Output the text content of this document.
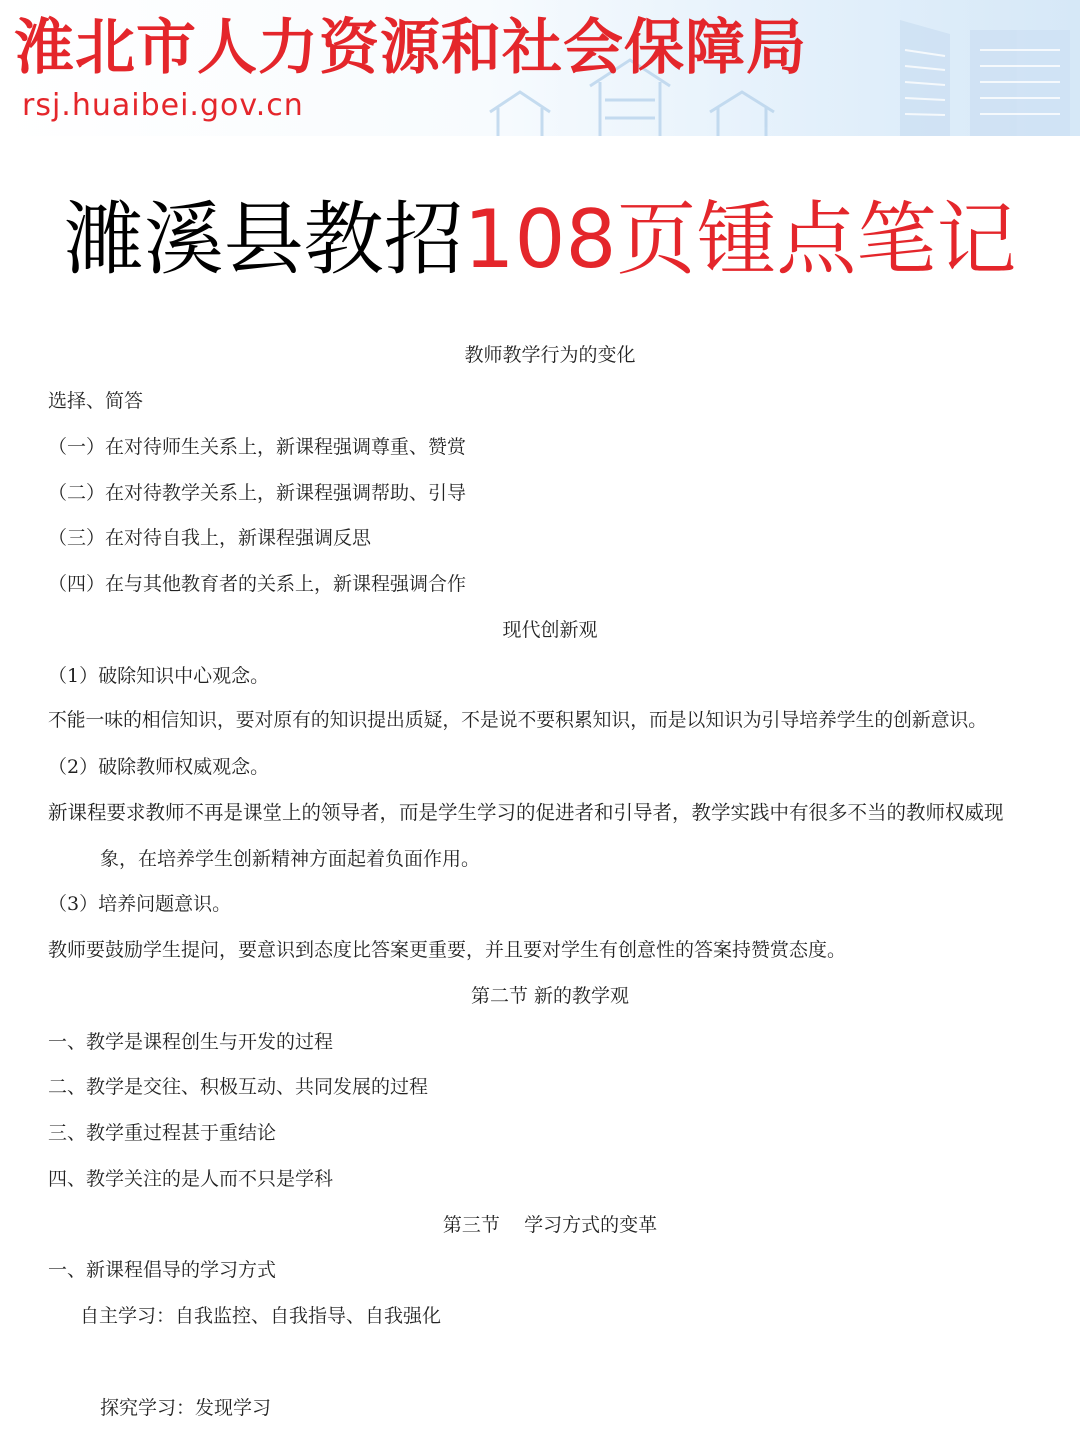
淮北市人力资源和社会保障局
rsj.huaibei.gov.cn
濉溪县教招108页锺点笔记
教师教学行为的变化
选择、简答
（一）在对待师生关系上，新课程强调尊重、赞赏
（二）在对待教学关系上，新课程强调帮助、引导
（三）在对待自我上，新课程强调反思
（四）在与其他教育者的关系上，新课程强调合作
现代创新观
（1）破除知识中心观念。
不能一味的相信知识，要对原有的知识提出质疑，不是说不要积累知识，而是以知识为引导培养学生的创新意识。
（2）破除教师权威观念。
新课程要求教师不再是课堂上的领导者，而是学生学习的促进者和引导者，教学实践中有很多不当的教师权威现
象，在培养学生创新精神方面起着负面作用。
（3）培养问题意识。
教师要鼓励学生提问，要意识到态度比答案更重要，并且要对学生有创意性的答案持赞赏态度。
第二节 新的教学观
一、教学是课程创生与开发的过程
二、教学是交往、积极互动、共同发展的过程
三、教学重过程甚于重结论
四、教学关注的是人而不只是学科
第三节    学习方式的变革
一、新课程倡导的学习方式
自主学习：自我监控、自我指导、自我强化
探究学习：发现学习
